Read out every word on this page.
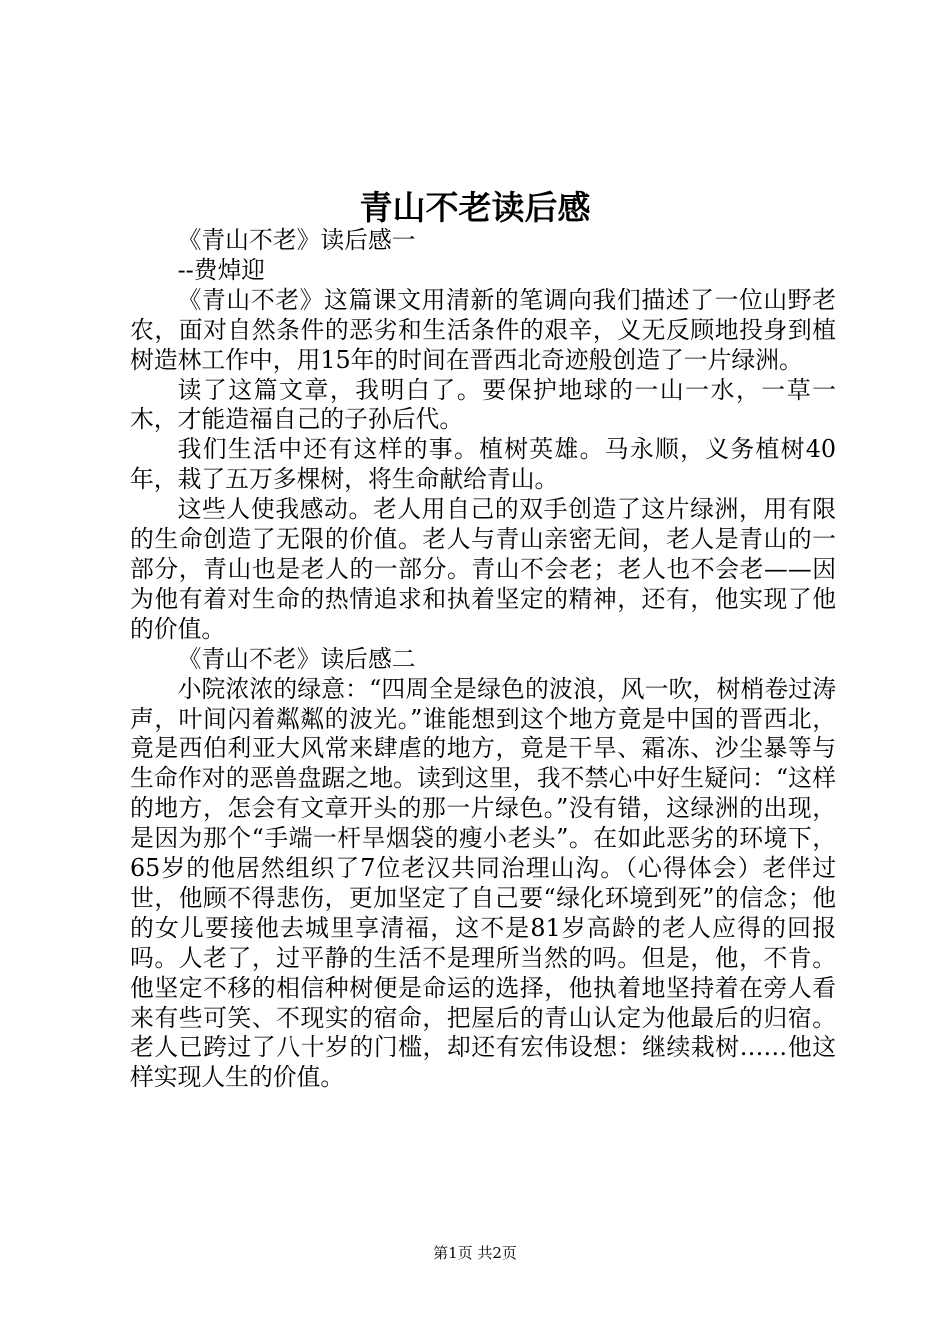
青山不老读后感

《青山不老》读后感一

--费焯迎

《青山不老》这篇课文用清新的笔调向我们描述了一位山野老农，面对自然条件的恶劣和生活条件的艰辛，义无反顾地投身到植树造林工作中，用15年的时间在晋西北奇迹般创造了一片绿洲。

读了这篇文章，我明白了。要保护地球的一山一水，一草一木，才能造福自己的子孙后代。

我们生活中还有这样的事。植树英雄。马永顺，义务植树40年，栽了五万多棵树，将生命献给青山。

这些人使我感动。老人用自己的双手创造了这片绿洲，用有限的生命创造了无限的价值。老人与青山亲密无间，老人是青山的一部分，青山也是老人的一部分。青山不会老；老人也不会老——因为他有着对生命的热情追求和执着坚定的精神，还有，他实现了他的价值。

《青山不老》读后感二

小院浓浓的绿意：“四周全是绿色的波浪，风一吹，树梢卷过涛声，叶间闪着粼粼的波光。”谁能想到这个地方竟是中国的晋西北，竟是西伯利亚大风常来肆虐的地方，竟是干旱、霜冻、沙尘暴等与生命作对的恶兽盘踞之地。读到这里，我不禁心中好生疑问：“这样的地方，怎会有文章开头的那一片绿色。”没有错，这绿洲的出现，是因为那个“手端一杆旱烟袋的瘦小老头”。在如此恶劣的环境下，65岁的他居然组织了7位老汉共同治理山沟。（心得体会）老伴过世，他顾不得悲伤，更加坚定了自己要“绿化环境到死”的信念；他的女儿要接他去城里享清福，这不是81岁高龄的老人应得的回报吗。人老了，过平静的生活不是理所当然的吗。但是，他，不肯。他坚定不移的相信种树便是命运的选择，他执着地坚持着在旁人看来有些可笑、不现实的宿命，把屋后的青山认定为他最后的归宿。老人已跨过了八十岁的门槛，却还有宏伟设想：继续栽树……他这样实现人生的价值。

第1页 共2页
